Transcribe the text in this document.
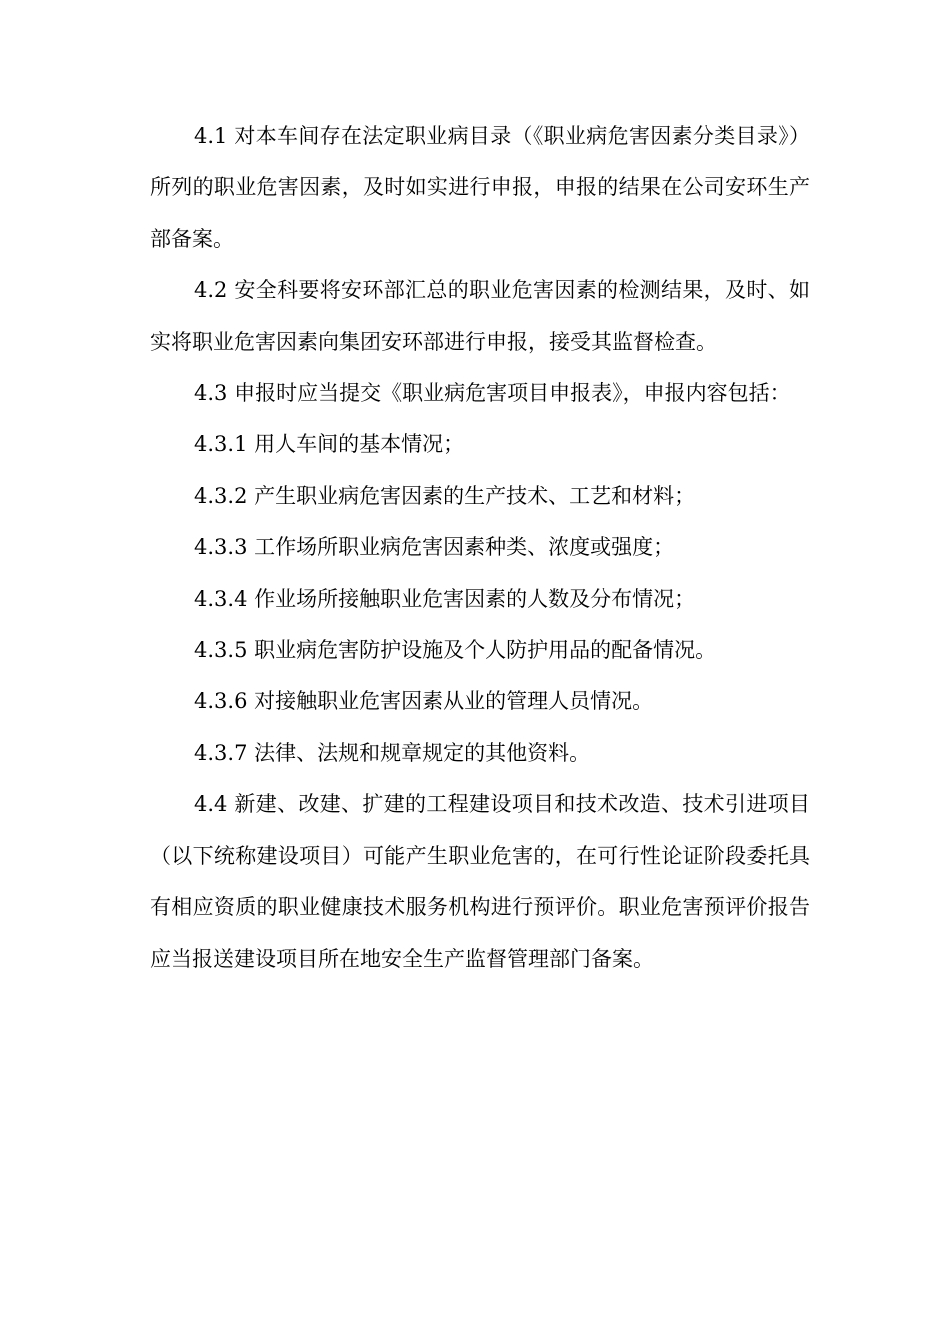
4.1 对本车间存在法定职业病目录（《职业病危害因素分类目录》）所列的职业危害因素，及时如实进行申报，申报的结果在公司安环生产部备案。

4.2 安全科要将安环部汇总的职业危害因素的检测结果，及时、如实将职业危害因素向集团安环部进行申报，接受其监督检查。

4.3 申报时应当提交《职业病危害项目申报表》，申报内容包括：

4.3.1 用人车间的基本情况；

4.3.2 产生职业病危害因素的生产技术、工艺和材料；

4.3.3 工作场所职业病危害因素种类、浓度或强度；

4.3.4 作业场所接触职业危害因素的人数及分布情况；

4.3.5 职业病危害防护设施及个人防护用品的配备情况。

4.3.6 对接触职业危害因素从业的管理人员情况。

4.3.7 法律、法规和规章规定的其他资料。

4.4 新建、改建、扩建的工程建设项目和技术改造、技术引进项目（以下统称建设项目）可能产生职业危害的，在可行性论证阶段委托具有相应资质的职业健康技术服务机构进行预评价。职业危害预评价报告应当报送建设项目所在地安全生产监督管理部门备案。
